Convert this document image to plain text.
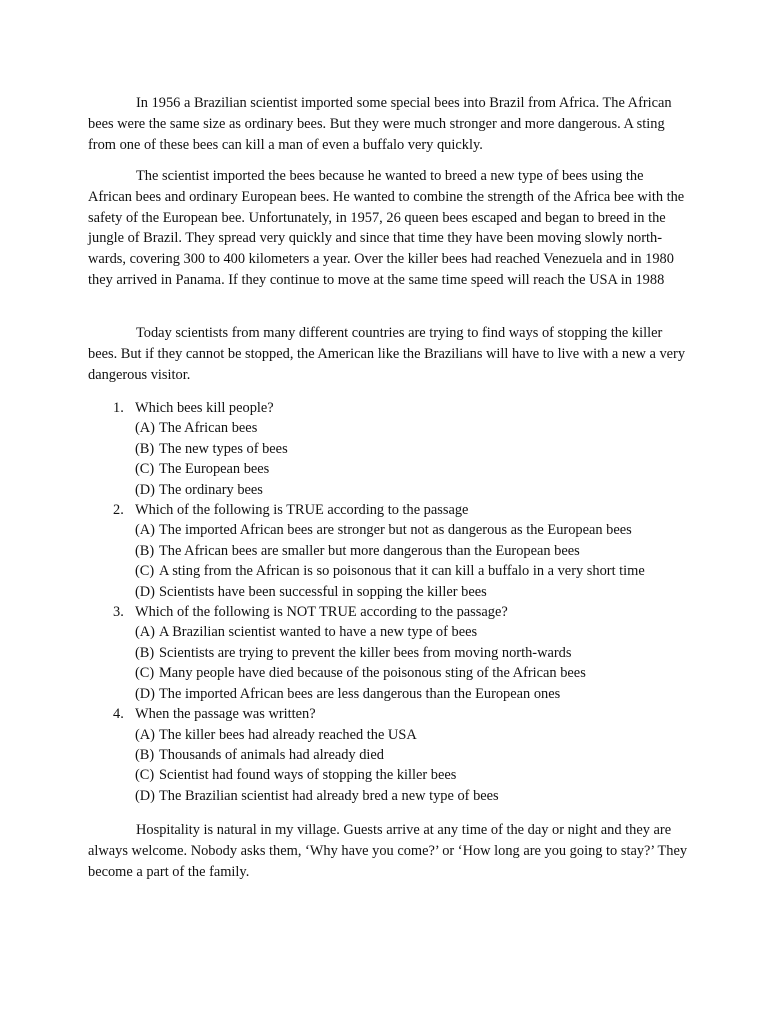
In 1956 a Brazilian scientist imported some special bees into Brazil from Africa. The African bees were the same size as ordinary bees. But they were much stronger and more dangerous. A sting from one of these bees can kill a man of even a buffalo very quickly.

The scientist imported the bees because he wanted to breed a new type of bees using the African bees and ordinary European bees. He wanted to combine the strength of the Africa bee with the safety of the European bee. Unfortunately, in 1957, 26 queen bees escaped and began to breed in the jungle of Brazil. They spread very quickly and since that time they have been moving slowly north-wards, covering 300 to 400 kilometers a year. Over the killer bees had reached Venezuela and in 1980 they arrived in Panama. If they continue to move at the same time speed will reach the USA in 1988

Today scientists from many different countries are trying to find ways of stopping the killer bees. But if they cannot be stopped, the American like the Brazilians will have to live with a new a very dangerous visitor.

1. Which bees kill people?
(A) The African bees
(B) The new types of bees
(C) The European bees
(D) The ordinary bees
2. Which of the following is TRUE according to the passage
(A) The imported African bees are stronger but not as dangerous as the European bees
(B) The African bees are smaller but more dangerous than the European bees
(C) A sting from the African is so poisonous that it can kill a buffalo in a very short time
(D) Scientists have been successful in sopping the killer bees
3. Which of the following is NOT TRUE according to the passage?
(A) A Brazilian scientist wanted to have a new type of bees
(B) Scientists are trying to prevent the killer bees from moving north-wards
(C) Many people have died because of the poisonous sting of the African bees
(D) The imported African bees are less dangerous than the European ones
4. When the passage was written?
(A) The killer bees had already reached the USA
(B) Thousands of animals had already died
(C) Scientist had found ways of stopping the killer bees
(D) The Brazilian scientist had already bred a new type of bees

Hospitality is natural in my village. Guests arrive at any time of the day or night and they are always welcome. Nobody asks them, ‘Why have you come?’ or ‘How long are you going to stay?’ They become a part of the family.
